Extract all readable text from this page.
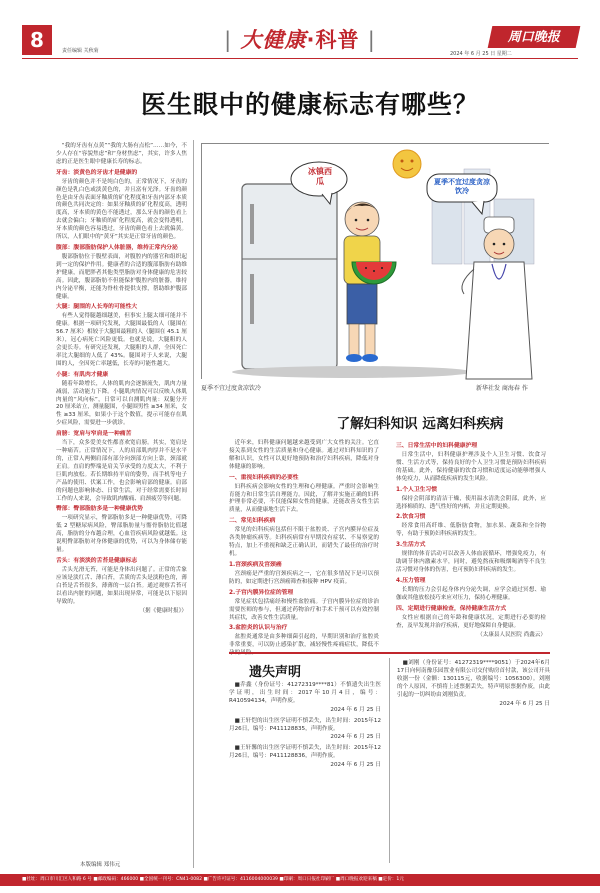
8	责任编辑 关秋菊	| 大健康·科普 |	周口晚报
2024 年 6 月 25 日 星期二
医生眼中的健康标志有哪些？

“我的牙齿有点黄”“我的大肠有点松”……如今，不少人存在“容貌焦虑”和“身材焦虑”，其实，许多人焦虑的正是医生眼中健康长寿的标志。

牙齿：淡黄色的牙齿才是健康的

牙齿的颜色并不是纯白色的，正常情况下，牙齿的颜色是乳白色或淡黄色的，并且富有光泽。牙齿的颜色是由牙齿表面牙釉质的矿化程度和牙齿内部牙本质的颜色共同决定的：如果牙釉质的矿化程度高，透明度高，牙本质的黄色不能透过，那么牙齿的颜色看上去就会偏白；牙釉质的矿化程度高，就会变得透明，牙本质的颜色容易透过，牙齿的颜色看上去就偏黄。所以，人们眼中的“黄牙”其实是正常牙齿的颜色。

腹部：腹部脂肪保护人体脏器，维持正常内分泌

腹部脂肪位于腹壁表面，对腹腔内的器官和组织起到一定的保护作用。健康者的合适的腹部脂肪有助维护健康，而肥胖者其他类型脂肪对身体健康的危害较高。因此，腹部脂肪不但能保护腹腔内的脏器，维持内分泌平衡，还能为脊柱骨提供支撑，帮助维护腹部健康。

大腿：腿围的人长寿的可能性大

有些人觉得腿越细越美，但事实上腿太细可能并不健康。根据一项研究发现，大腿围最低的人（腿围在 56.7 厘米）相较于大腿围最粗的人（腿围在 45.1 厘米），冠心病死亡风险更低。也就是说，大腿粗的人会更长寿。有研究还发现，大腿粗的人群，全因死亡率比大腿细的人低了 43%。腿围对于人来说，大腿围的人，全因死亡率越低，长寿的可能性越大。

小腿：有肌肉才健康

随着年龄增长，人体的肌肉会逐渐流失，肌肉力量减弱，活动能力下降。小腿肌肉情况可以反映人体肌肉量的“风向标”，日常可以自测肌肉量：双腿分开 20 厘米站立，测量腿围，小腿围男性 ≥34 厘米，女性 ≥33 厘米，如果小于这个数值，提示可能存在肌少症风险，需要进一步就诊。

肩膀：宽肩与窄肩是一种痛苦

当下，众多爱美女性都喜欢宽肩膀。其实，宽肩是一种痛苦。正常情况下，人的肩部肌肉厚并不是水平的，正常人两侧肩部有部分向颈部方向上靠，颈部就正肩。直肩的弊端是肩关节承受的力度太大，不利于巨肌肉放松。若长期维持平肩的姿势，而手机等电子产品的使用、伏案工作，也会影响肩部的健康。肩部的问题也影响体态、日常生活，对于经常需要长时间工作的人来说，会导致肌肉酸痛、肩颈疲劳等问题。

臀部：臀部脂肪多是一种健康优势

一项研究显示，臀部脂肪多是一种健康优势，可降低 2 型糖尿病风险，臀部脂肪量与髂骨脂肪比值越高，脂肪的分布越合理，心血管疾病风险就越低。这说明臀部脂肪对身体健康的优势，可以为身体储存能量。

舌头：有淡淡的舌苔是健康标志

舌头光滑无苔，可能是身体出问题了。正常的舌象应该是淡红舌、薄白苔，舌质的舌头是淡粉色的，薄白苔是舌苔很多，薄薄的一层白苔。通过观察舌苔可以看出内脏的问题，如果出现异常，可能是以下原因导致的。

（据《健康时报》）
本版编辑 郑伟元
冰镇西瓜	夏季不宜过度贪凉饮冷
夏季不宜过度贪凉饮冷	新华社发 商海春 作
了解妇科知识 远离妇科疾病

近年来，妇科健康问题越来越受到广大女性的关注。它直接关系到女性的生活质量和身心健康。通过对妇科知识的了解和认识，女性可以更好地预防和治疗妇科疾病，降低对身体健康的影响。

一、重视妇科疾病的必要性

妇科疾病会影响女性的生理和心理健康。严重时会影响生育能力和日常生活自理能力。因此，了解并实施正确的妇科护理非常必要，不仅能保障女性的健康，还能改善女性生活质量，从而健康地生活下去。

二、常见妇科疾病

常见的妇科疾病包括但不限于盆腔炎、子宫内膜异位症及各类肿瘤疾病等。妇科疾病常有早期没有症状、不易察觉的特点，加上不重视和缺乏正确认识，而错失了最佳的治疗时机。

1.宫颈疾病及宫颈癌

宫颈癌是严重的宫颈疾病之一，它在很多情况下是可以预防的，如定期进行宫颈癌筛查和接种 HPV 疫苗。

2.子宫内膜异位症的管理

常见症状包括痛经和慢性盆腔痛。子宫内膜异位症的诊治需要医师的参与，但通过药物治疗和手术干预可以有效控制其症状，改善女性生活质量。

3.盆腔炎的认识与治疗

盆腔炎通常是由多种细菌引起的，早期识别和治疗盆腔炎非常重要，可以防止感染扩散，减轻慢性疼痛症状，降低不孕的风险。

三、日常生活中的妇科健康护理

日常生活中，妇科健康护理涉及个人卫生习惯、饮食习惯、生活方式等，保持良好的个人卫生习惯是预防妇科疾病的基础。此外，保持健康的饮食习惯和适度运动能够增强人体免疫力，从而降低疾病的发生风险。

1.个人卫生习惯

保持会阴部的清洁干燥，使用温水清洗会阴部，此外，应选择棉质的、透气性好的内裤，并且定期更换。

2.饮食习惯

经常食用高纤维、低脂肪食物，加水果、蔬菜和全谷物等，有助于预防妇科疾病的发生。

3.生活方式

规律的体育活动可以改善人体血液循环，增强免疫力，有助调节体内激素水平，同时，避免熬夜和吸烟喝酒等不良生活习惯对身体的伤害，也可预防妇科疾病的发生。

4.压力管理

长期的压力会引起身体内分泌失调，应学会通过冥想、瑜伽或其他放松技巧来应对压力，保持心理健康。

四、定期进行健康检查，保持健康生活方式

女性应根据自己的年龄和健康状况，定期进行必要的检查，及早发现并治疗疾病，更好地保障自身健康。

（太康县人民医院 尚鑫云）
遗失声明

■乔鑫（身份证号：41272319****81）不慎遗失出生医学证明，出生时间：2017年10月4日，编号：R410594134，声明作废。

2024 年 6 月 25 日

■王轩恺的出生医学证明不慎丢失，出生时间：2015年12月26日，编号：P411128835，声明作废。

2024 年 6 月 25 日

■王轩馨的出生医学证明不慎丢失，出生时间：2015年12月26日，编号：P411128836，声明作废。

2024 年 6 月 25 日

■刘刚（身份证号：41272319****9051）于2024年6月17日向何南豫乐园置业有限公司交付购房首付款，该公司开具收据一份（金额：130115元，收据编号：1056300）。刘刚的个人原因，不慎将上述票据丢失，特声明原票据作废，由此引起的一切纠纷由刘刚负责。

2024 年 6 月 25 日
■社址：周口市川汇区人和路 6 号 ■邮政编码：466000 ■全国统一刊号：CN41-0082 ■广告许可证号：4116004000039 ■印刷：周口日报社印刷厂 ■周口晚报欢迎来稿 ■定价：1元
